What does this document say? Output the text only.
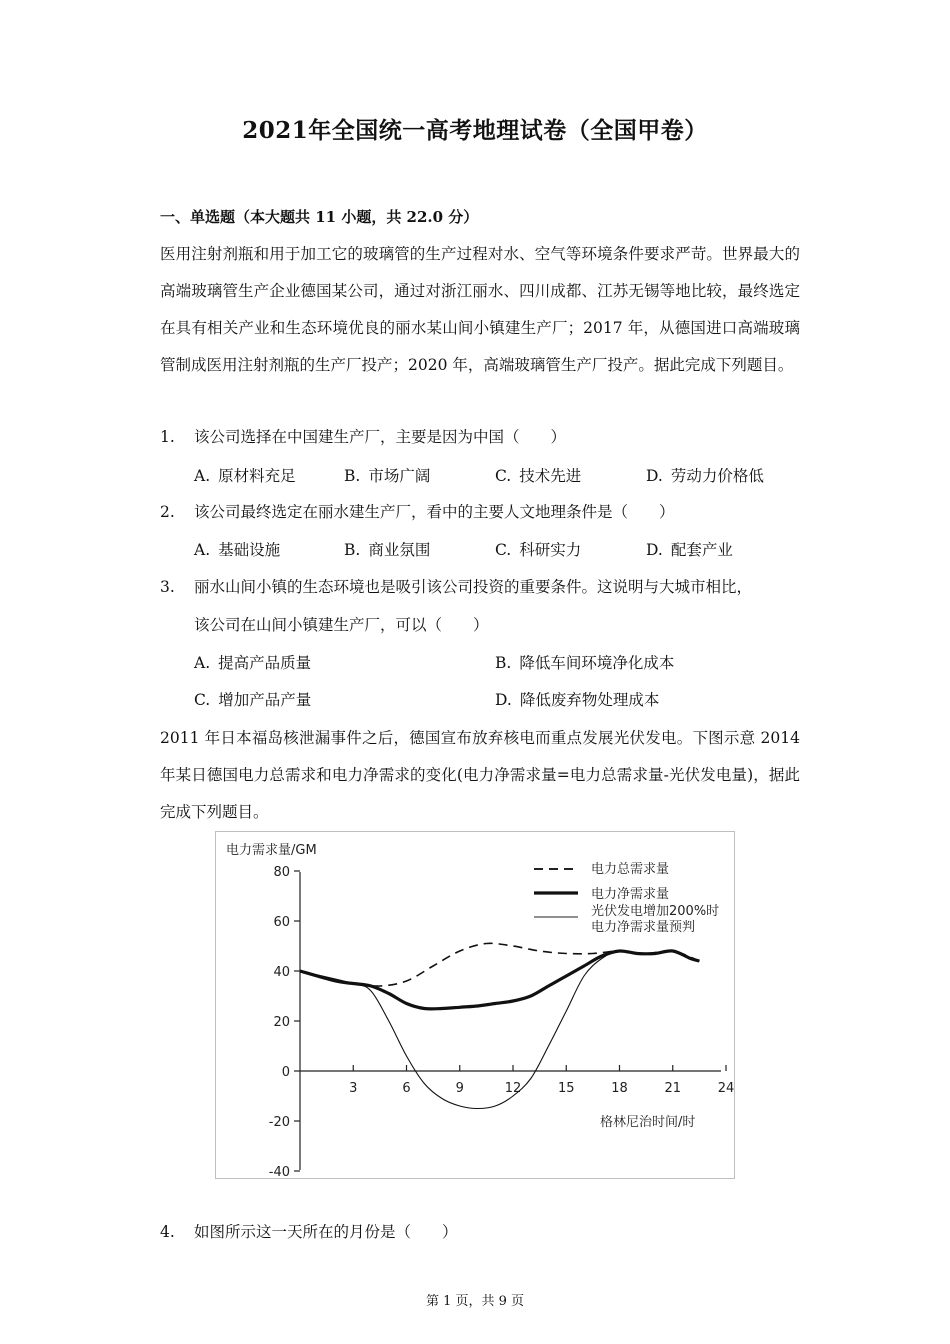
2021年全国统一高考地理试卷（全国甲卷）
一、单选题（本大题共 11 小题，共 22.0 分）
医用注射剂瓶和用于加工它的玻璃管的生产过程对水、空气等环境条件要求严苛。世界最大的高端玻璃管生产企业德国某公司，通过对浙江丽水、四川成都、江苏无锡等地比较，最终选定在具有相关产业和生态环境优良的丽水某山间小镇建生产厂；2017 年，从德国进口高端玻璃管制成医用注射剂瓶的生产厂投产；2020 年，高端玻璃管生产厂投产。据此完成下列题目。
1. 该公司选择在中国建生产厂，主要是因为中国（　　）
A. 原材料充足	B. 市场广阔	C. 技术先进	D. 劳动力价格低
2. 该公司最终选定在丽水建生产厂，看中的主要人文地理条件是（　　）
A. 基础设施	B. 商业氛围	C. 科研实力	D. 配套产业
3. 丽水山间小镇的生态环境也是吸引该公司投资的重要条件。这说明与大城市相比，
该公司在山间小镇建生产厂，可以（　　）
A. 提高产品质量	B. 降低车间环境净化成本
C. 增加产品产量	D. 降低废弃物处理成本
2011 年日本福岛核泄漏事件之后，德国宣布放弃核电而重点发展光伏发电。下图示意 2014 年某日德国电力总需求和电力净需求的变化(电力净需求量=电力总需求量-光伏发电量)，据此完成下列题目。
电力需求量/GM
格林尼治时间/时
80
60
40
20
0
-20
-40
3	6	9	12	15	18	21	24
电力总需求量
电力净需求量
光伏发电增加200%时
电力净需求量预判
4. 如图所示这一天所在的月份是（　　）
第 1 页，共 9 页
